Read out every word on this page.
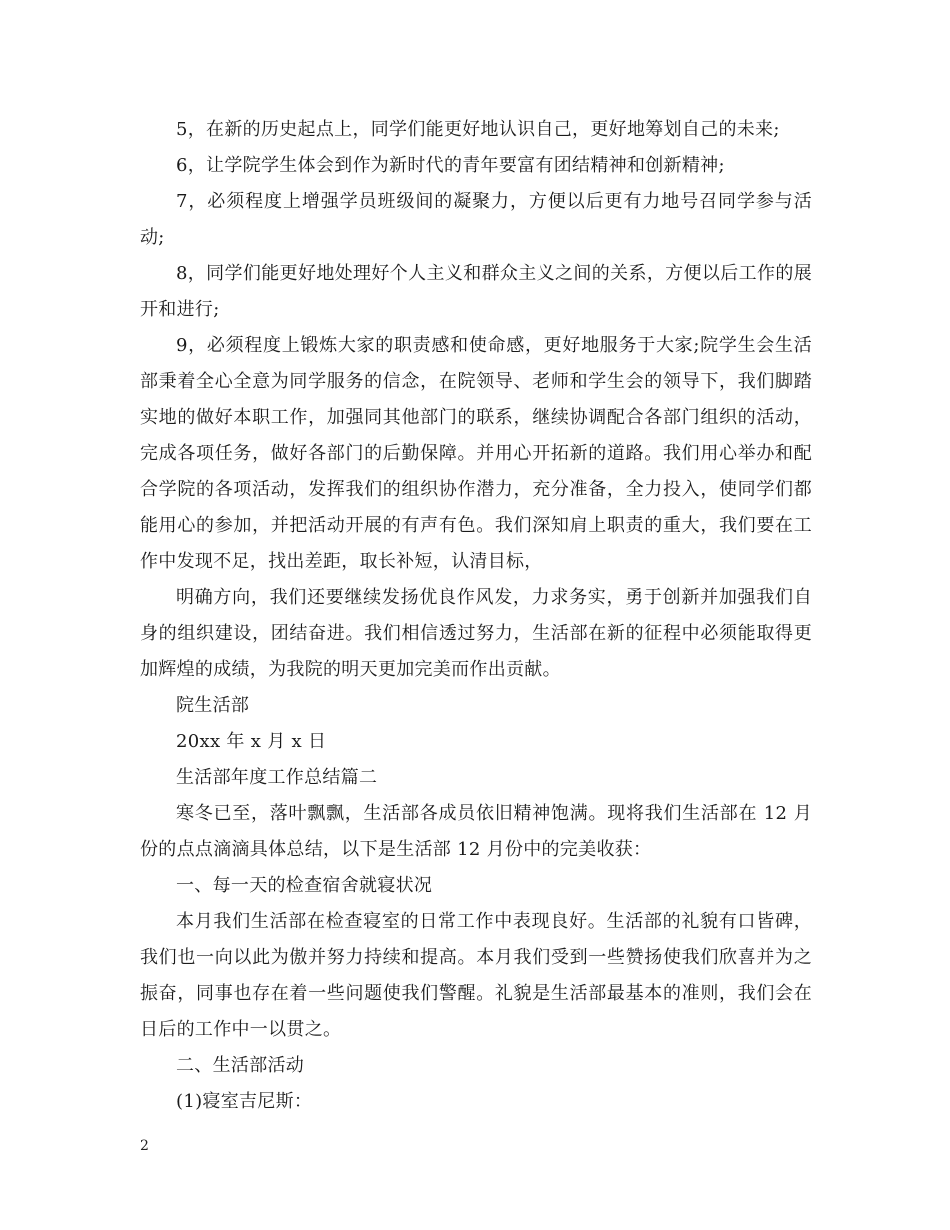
5，在新的历史起点上，同学们能更好地认识自己，更好地筹划自己的未来;

6，让学院学生体会到作为新时代的青年要富有团结精神和创新精神;

7，必须程度上增强学员班级间的凝聚力，方便以后更有力地号召同学参与活动;

8，同学们能更好地处理好个人主义和群众主义之间的关系，方便以后工作的展开和进行;

9，必须程度上锻炼大家的职责感和使命感，更好地服务于大家;院学生会生活部秉着全心全意为同学服务的信念，在院领导、老师和学生会的领导下，我们脚踏实地的做好本职工作，加强同其他部门的联系，继续协调配合各部门组织的活动，完成各项任务，做好各部门的后勤保障。并用心开拓新的道路。我们用心举办和配合学院的各项活动，发挥我们的组织协作潜力，充分准备，全力投入，使同学们都能用心的参加，并把活动开展的有声有色。我们深知肩上职责的重大，我们要在工作中发现不足，找出差距，取长补短，认清目标，

明确方向，我们还要继续发扬优良作风发，力求务实，勇于创新并加强我们自身的组织建设，团结奋进。我们相信透过努力，生活部在新的征程中必须能取得更加辉煌的成绩，为我院的明天更加完美而作出贡献。

院生活部

20xx 年 x 月 x 日

生活部年度工作总结篇二

寒冬已至，落叶飘飘，生活部各成员依旧精神饱满。现将我们生活部在 12 月份的点点滴滴具体总结，以下是生活部 12 月份中的完美收获：

一、每一天的检查宿舍就寝状况

本月我们生活部在检查寝室的日常工作中表现良好。生活部的礼貌有口皆碑，我们也一向以此为傲并努力持续和提高。本月我们受到一些赞扬使我们欣喜并为之振奋，同事也存在着一些问题使我们警醒。礼貌是生活部最基本的准则，我们会在日后的工作中一以贯之。

二、生活部活动

(1)寝室吉尼斯：

2
